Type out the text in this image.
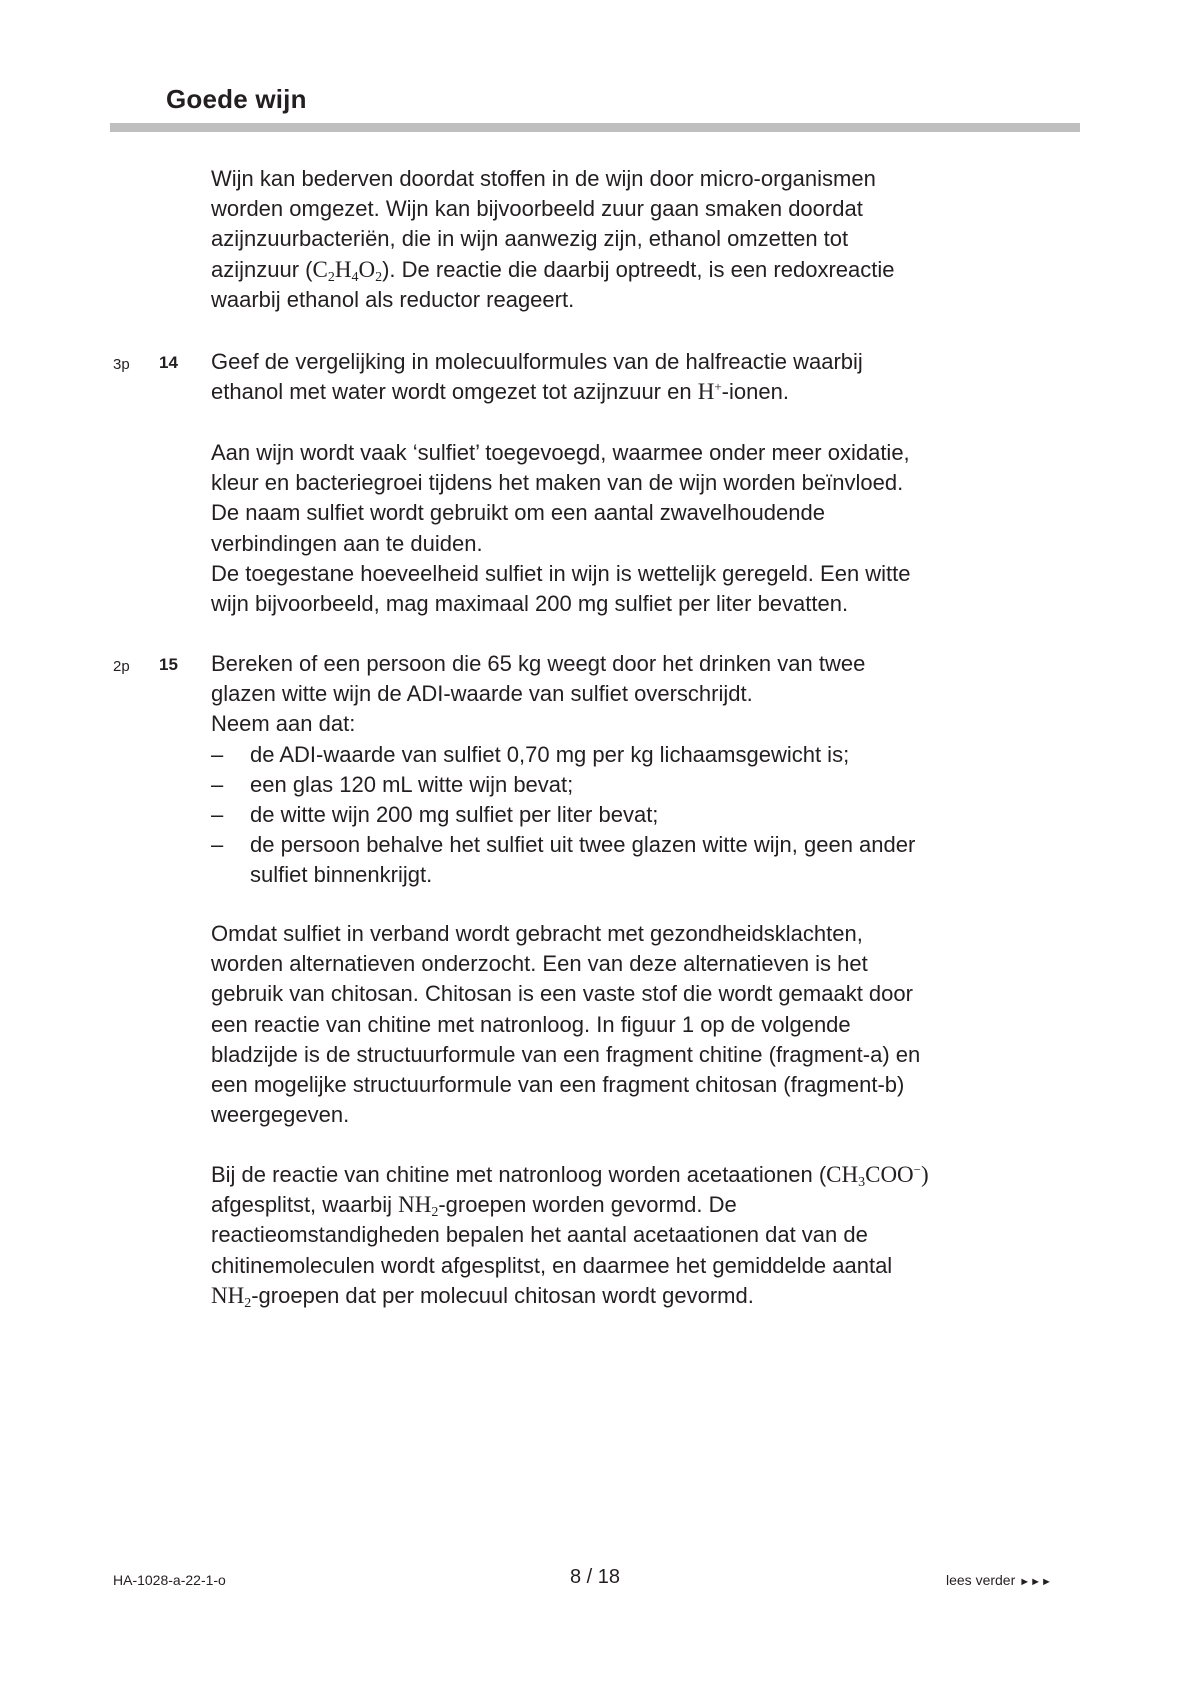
Goede wijn
Wijn kan bederven doordat stoffen in de wijn door micro-organismen
worden omgezet. Wijn kan bijvoorbeeld zuur gaan smaken doordat
azijnzuurbacteriën, die in wijn aanwezig zijn, ethanol omzetten tot
azijnzuur $(C_2H_4O_2)$. De reactie die daarbij optreedt, is een redoxreactie
waarbij ethanol als reductor reageert.
3p 14 Geef de vergelijking in molecuulformules van de halfreactie waarbij
ethanol met water wordt omgezet tot azijnzuur en H+-ionen.
Aan wijn wordt vaak ‘sulfiet’ toegevoegd, waarmee onder meer oxidatie,
kleur en bacteriegroei tijdens het maken van de wijn worden beïnvloed.
De naam sulfiet wordt gebruikt om een aantal zwavelhoudende
verbindingen aan te duiden.
De toegestane hoeveelheid sulfiet in wijn is wettelijk geregeld. Een witte
wijn bijvoorbeeld, mag maximaal 200 mg sulfiet per liter bevatten.
2p 15 Bereken of een persoon die 65 kg weegt door het drinken van twee
glazen witte wijn de ADI-waarde van sulfiet overschrijdt.
Neem aan dat:
– de ADI-waarde van sulfiet 0,70 mg per kg lichaamsgewicht is;
– een glas 120 mL witte wijn bevat;
– de witte wijn 200 mg sulfiet per liter bevat;
– de persoon behalve het sulfiet uit twee glazen witte wijn, geen ander
sulfiet binnenkrijgt.
Omdat sulfiet in verband wordt gebracht met gezondheidsklachten,
worden alternatieven onderzocht. Een van deze alternatieven is het
gebruik van chitosan. Chitosan is een vaste stof die wordt gemaakt door
een reactie van chitine met natronloog. In figuur 1 op de volgende
bladzijde is de structuurformule van een fragment chitine (fragment-a) en
een mogelijke structuurformule van een fragment chitosan (fragment-b)
weergegeven.
Bij de reactie van chitine met natronloog worden acetaationen $(CH_3COO^-)$
afgesplitst, waarbij $NH_2$-groepen worden gevormd. De
reactieomstandigheden bepalen het aantal acetaationen dat van de
chitinemoleculen wordt afgesplitst, en daarmee het gemiddelde aantal
$NH_2$-groepen dat per molecuul chitosan wordt gevormd.
HA-1028-a-22-1-o	8 / 18	lees verder ►►►
